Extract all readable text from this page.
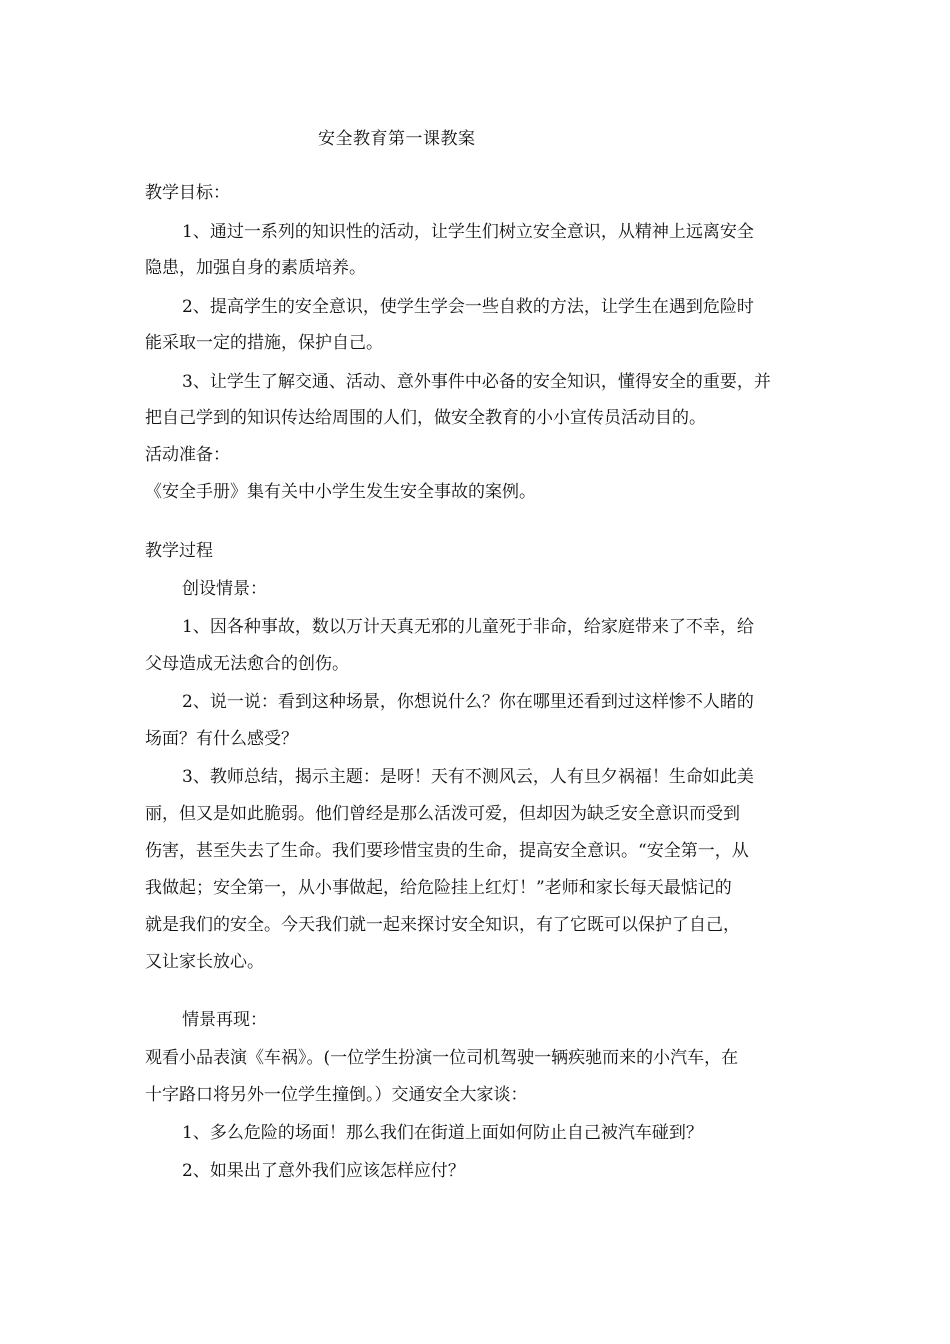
安全教育第一课教案
教学目标：
1、通过一系列的知识性的活动，让学生们树立安全意识，从精神上远离安全
隐患，加强自身的素质培养。
2、提高学生的安全意识，使学生学会一些自救的方法，让学生在遇到危险时
能采取一定的措施，保护自己。
3、让学生了解交通、活动、意外事件中必备的安全知识，懂得安全的重要，并
把自己学到的知识传达给周围的人们，做安全教育的小小宣传员活动目的。
活动准备：
《安全手册》集有关中小学生发生安全事故的案例。
教学过程
创设情景：
1、因各种事故，数以万计天真无邪的儿童死于非命，给家庭带来了不幸，给
父母造成无法愈合的创伤。
2、说一说：看到这种场景，你想说什么？你在哪里还看到过这样惨不人睹的
场面？有什么感受？
3、教师总结，揭示主题：是呀！天有不测风云，人有旦夕祸福！生命如此美
丽，但又是如此脆弱。他们曾经是那么活泼可爱，但却因为缺乏安全意识而受到
伤害，甚至失去了生命。我们要珍惜宝贵的生命，提高安全意识。“安全第一，从
我做起；安全第一，从小事做起，给危险挂上红灯！”老师和家长每天最惦记的
就是我们的安全。今天我们就一起来探讨安全知识，有了它既可以保护了自己，
又让家长放心。
情景再现：
观看小品表演《车祸》。(一位学生扮演一位司机驾驶一辆疾驰而来的小汽车，在
十字路口将另外一位学生撞倒。）交通安全大家谈：
1、多么危险的场面！那么我们在街道上面如何防止自己被汽车碰到？
2、如果出了意外我们应该怎样应付？
